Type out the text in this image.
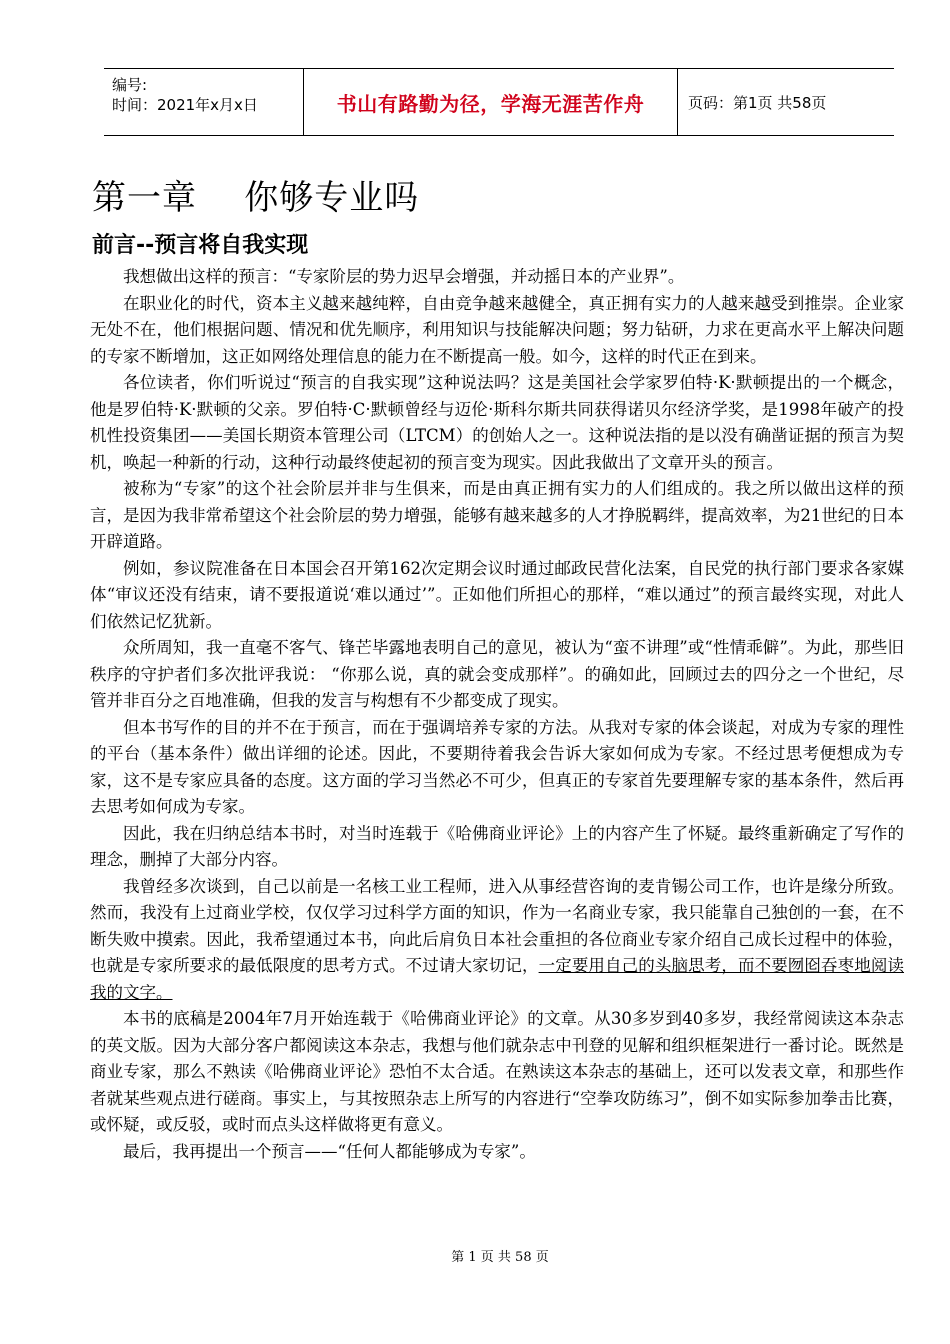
编号:
时间：2021年x月x日	书山有路勤为径，学海无涯苦作舟	页码：第1页 共58页
第一章    你够专业吗
前言--预言将自我实现

我想做出这样的预言：“专家阶层的势力迟早会增强，并动摇日本的产业界”。

在职业化的时代，资本主义越来越纯粹，自由竞争越来越健全，真正拥有实力的人越来越受到推崇。企业家无处不在，他们根据问题、情况和优先顺序，利用知识与技能解决问题；努力钻研，力求在更高水平上解决问题的专家不断增加，这正如网络处理信息的能力在不断提高一般。如今，这样的时代正在到来。

各位读者，你们听说过“预言的自我实现”这种说法吗？这是美国社会学家罗伯特·K·默顿提出的一个概念，他是罗伯特·K·默顿的父亲。罗伯特·C·默顿曾经与迈伦·斯科尔斯共同获得诺贝尔经济学奖，是1998年破产的投机性投资集团——美国长期资本管理公司（LTCM）的创始人之一。这种说法指的是以没有确凿证据的预言为契机，唤起一种新的行动，这种行动最终使起初的预言变为现实。因此我做出了文章开头的预言。

被称为“专家”的这个社会阶层并非与生俱来，而是由真正拥有实力的人们组成的。我之所以做出这样的预言，是因为我非常希望这个社会阶层的势力增强，能够有越来越多的人才挣脱羁绊，提高效率，为21世纪的日本开辟道路。

例如，参议院准备在日本国会召开第162次定期会议时通过邮政民营化法案，自民党的执行部门要求各家媒体“审议还没有结束，请不要报道说‘难以通过’”。正如他们所担心的那样，“难以通过”的预言最终实现，对此人们依然记忆犹新。

众所周知，我一直毫不客气、锋芒毕露地表明自己的意见，被认为“蛮不讲理”或“性情乖僻”。为此，那些旧秩序的守护者们多次批评我说： “你那么说，真的就会变成那样”。的确如此，回顾过去的四分之一个世纪，尽管并非百分之百地准确，但我的发言与构想有不少都变成了现实。

但本书写作的目的并不在于预言，而在于强调培养专家的方法。从我对专家的体会谈起，对成为专家的理性的平台（基本条件）做出详细的论述。因此，不要期待着我会告诉大家如何成为专家。不经过思考便想成为专家，这不是专家应具备的态度。这方面的学习当然必不可少，但真正的专家首先要理解专家的基本条件，然后再去思考如何成为专家。

因此，我在归纳总结本书时，对当时连载于《哈佛商业评论》上的内容产生了怀疑。最终重新确定了写作的理念，删掉了大部分内容。

我曾经多次谈到，自己以前是一名核工业工程师，进入从事经营咨询的麦肯锡公司工作，也许是缘分所致。然而，我没有上过商业学校，仅仅学习过科学方面的知识，作为一名商业专家，我只能靠自己独创的一套，在不断失败中摸索。因此，我希望通过本书，向此后肩负日本社会重担的各位商业专家介绍自己成长过程中的体验，也就是专家所要求的最低限度的思考方式。不过请大家切记，一定要用自己的头脑思考，而不要囫囵吞枣地阅读我的文字。

本书的底稿是2004年7月开始连载于《哈佛商业评论》的文章。从30多岁到40多岁，我经常阅读这本杂志的英文版。因为大部分客户都阅读这本杂志，我想与他们就杂志中刊登的见解和组织框架进行一番讨论。既然是商业专家，那么不熟读《哈佛商业评论》恐怕不太合适。在熟读这本杂志的基础上，还可以发表文章，和那些作者就某些观点进行磋商。事实上，与其按照杂志上所写的内容进行“空拳攻防练习”，倒不如实际参加拳击比赛，或怀疑，或反驳，或时而点头这样做将更有意义。

最后，我再提出一个预言——“任何人都能够成为专家”。

第 1 页 共 58 页
